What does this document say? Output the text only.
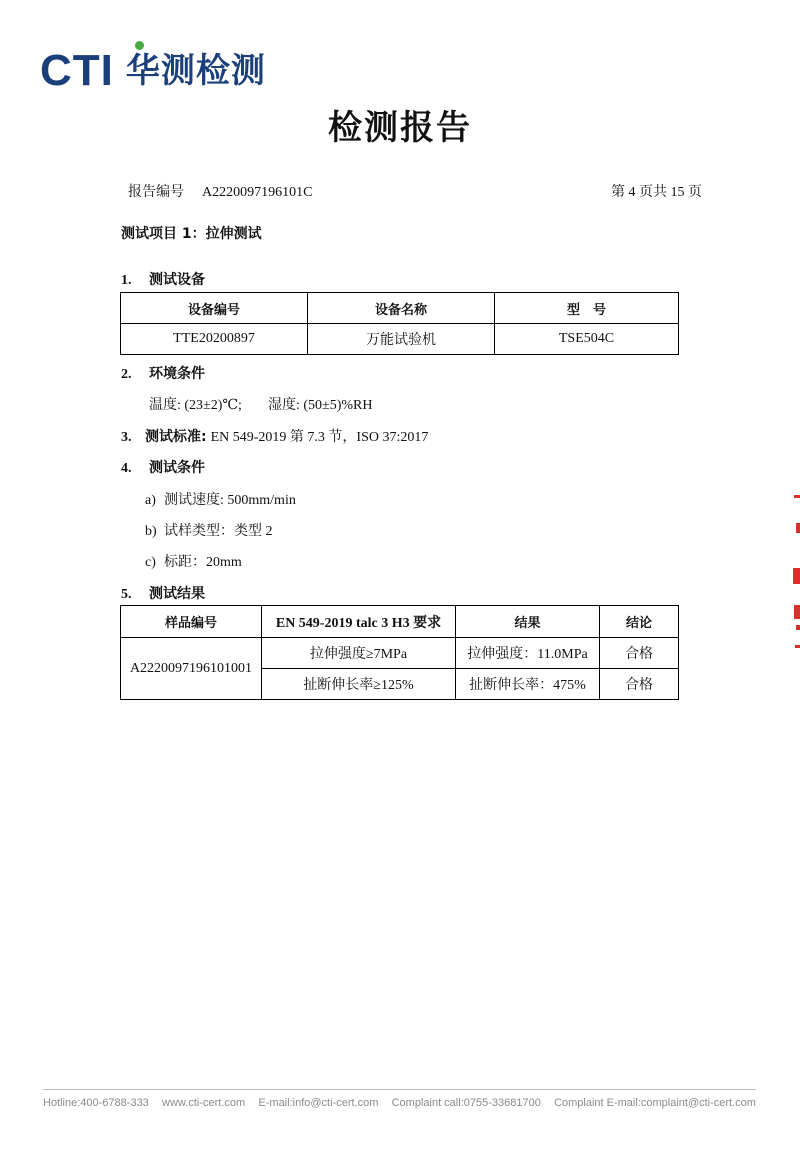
CTI 华测检测
检测报告
报告编号 A2220097196101C	第 4 页共 15 页
测试项目 1：拉伸测试
1. 测试设备
设备编号	设备名称	型　号
TTE20200897	万能试验机	TSE504C
2. 环境条件
温度: (23±2)℃; 湿度: (50±5)%RH
3. 测试标准: EN 549-2019 第 7.3 节，ISO 37:2017
4. 测试条件
a) 测试速度: 500mm/min
b) 试样类型：类型 2
c) 标距：20mm
5. 测试结果
样品编号	EN 549-2019 talc 3 H3 要求	结果	结论
A2220097196101001	拉伸强度≥7MPa	拉伸强度：11.0MPa	合格
	扯断伸长率≥125%	扯断伸长率：475%	合格
Hotline:400-6788-333 www.cti-cert.com E-mail:info@cti-cert.com Complaint call:0755-33681700 Complaint E-mail:complaint@cti-cert.com
